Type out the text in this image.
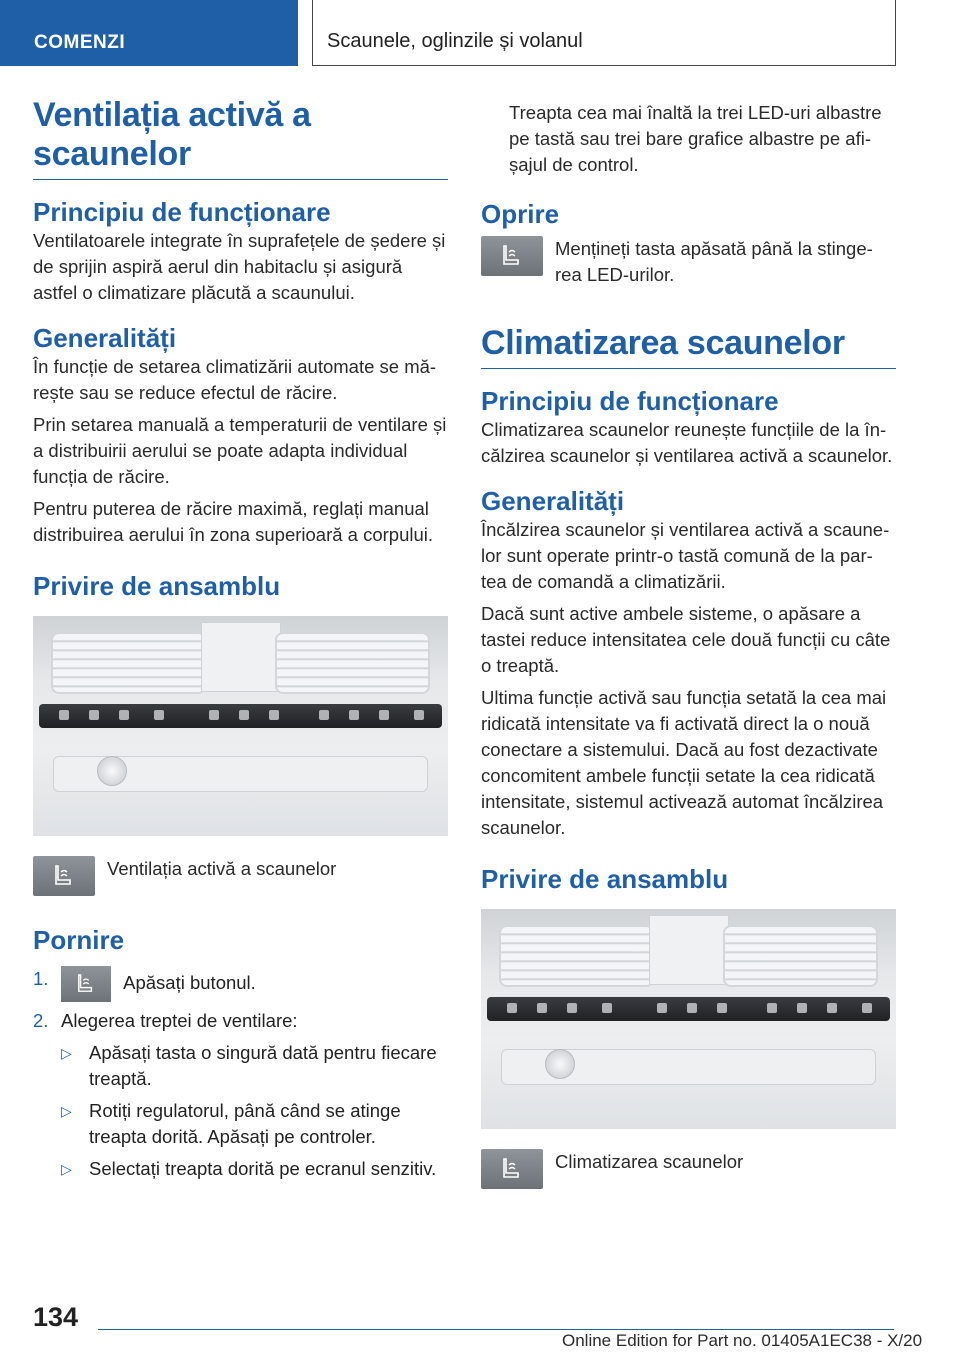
COMENZI	Scaunele, oglinzile și volanul
Ventilația activă a scaunelor
Principiu de funcționare

Ventilatoarele integrate în suprafețele de ședere și de sprijin aspiră aerul din habitaclu și asigură astfel o climatizare plăcută a scaunului.

Generalități

În funcție de setarea climatizării automate se mă‐ rește sau se reduce efectul de răcire.

Prin setarea manuală a temperaturii de ventilare și a distribuirii aerului se poate adapta individual funcția de răcire.

Pentru puterea de răcire maximă, reglați manual distribuirea aerului în zona superioară a corpului.

Privire de ansamblu
Ventilația activă a scaunelor
Pornire
1.	Apăsați butonul.
2. Alegerea treptei de ventilare:
▷ Apăsați tasta o singură dată pentru fiecare treaptă.
▷ Rotiți regulatorul, până când se atinge treapta dorită. Apăsați pe controler.
▷ Selectați treapta dorită pe ecranul senzitiv.

Treapta cea mai înaltă la trei LED-uri albastre pe tastă sau trei bare grafice albastre pe afi‐ șajul de control.

Oprire
Mențineți tasta apăsată până la stinge‐ rea LED-urilor.
Climatizarea scaunelor
Principiu de funcționare

Climatizarea scaunelor reunește funcțiile de la în‐ călzirea scaunelor și ventilarea activă a scaunelor.

Generalități

Încălzirea scaunelor și ventilarea activă a scaune‐ lor sunt operate printr-o tastă comună de la par‐ tea de comandă a climatizării.

Dacă sunt active ambele sisteme, o apăsare a tastei reduce intensitatea cele două funcții cu câte o treaptă.

Ultima funcție activă sau funcția setată la cea mai ridicată intensitate va fi activată direct la o nouă conectare a sistemului. Dacă au fost dezactivate concomitent ambele funcții setate la cea ridicată intensitate, sistemul activează automat încălzirea scaunelor.

Privire de ansamblu
Climatizarea scaunelor
134
Online Edition for Part no. 01405A1EC38 - X/20
